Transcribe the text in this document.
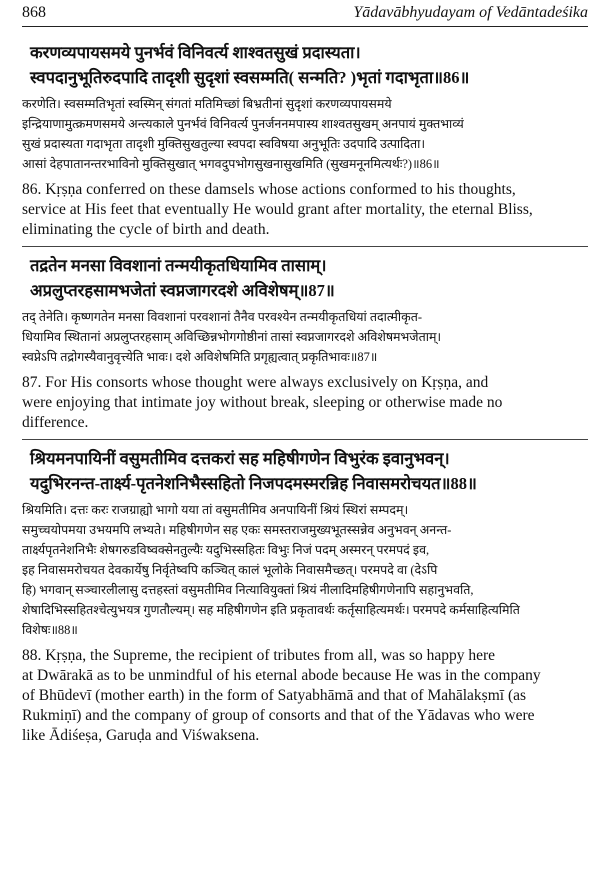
868	Yādavābhyudayam of Vedāntadeśika
करणव्यपायसमये पुनर्भवं विनिवर्त्य शाश्वतसुखं प्रदास्यता।
स्वपदानुभूतिरुदपादि तादृशी सुदृशां स्वसम्मति( सन्मति? )भृतां गदाभृता॥86॥
करणेति। स्वसम्मतिभृतां स्वस्मिन् संगतां मतिमिच्छां बिभ्रतीनां सुदृशां करणव्यपायसमये
इन्द्रियाणामुत्क्रमणसमये अन्त्यकाले पुनर्भवं विनिवर्त्य पुनर्जननमपास्य शाश्वतसुखम् अनपायं मुक्तभाव्यं
सुखं प्रदास्यता गदाभृता तादृशी मुक्तिसुखतुल्या स्वपदा स्वविषया अनुभूतिः उदपादि उत्पादिता।
आसां देहपातानन्तरभाविनो मुक्तिसुखात् भगवदुपभोगसुखनासुखमिति (सुखमनूनमित्यर्थः?)॥86॥
86. Kṛṣṇa conferred on these damsels whose actions conformed to his thoughts,
service at His feet that eventually He would grant after mortality, the eternal Bliss,
eliminating the cycle of birth and death.
तद्रतेन मनसा विवशानां तन्मयीकृतधियामिव तासाम्।
अप्रलुप्तरहसामभजेतां स्वप्नजागरदशे अविशेषम्॥87॥
तद् तेनेति। कृष्णगतेन मनसा विवशानां परवशानां तैनैव परवश्येन तन्मयीकृतधियां तदात्मीकृत-
धियामिव स्थितानां अप्रलुप्तरहसाम् अविच्छिन्नभोगगोष्ठीनां तासां स्वप्नजागरदशे अविशेषमभजेताम्।
स्वप्नेऽपि तद्रोगस्यैवानुवृत्त्येति भावः। दशे अविशेषमिति प्रगृह्यत्वात् प्रकृतिभावः॥87॥
87. For His consorts whose thought were always exclusively on Kṛṣṇa, and
were enjoying that intimate joy without break, sleeping or otherwise made no
difference.
श्रियमनपायिनीं वसुमतीमिव दत्तकरां सह महिषीगणेन विभुरंक इवानुभवन्।
यदुभिरनन्त-तार्क्ष्य-पृतनेशनिभैस्सहितो निजपदमस्मरन्निह निवासमरोचयत॥88॥
श्रियमिति। दत्तः करः राजग्राह्यो भागो यया तां वसुमतीमिव अनपायिनीं श्रियं स्थिरां सम्पदम्।
समुच्चयोपमया उभयमपि लभ्यते। महिषीगणेन सह एकः समस्तराजमुख्यभूतस्सन्नेव अनुभवन् अनन्त-
तार्क्ष्यपृतनेशनिभैः शेषगरुडविष्वक्सेनतुल्यैः यदुभिस्सहितः विभुः निजं पदम् अस्मरन् परमपदं इव,
इह निवासमरोचयत देवकार्येषु निर्वृतेष्वपि कञ्चित् कालं भूलोके निवासमैच्छत्। परमपदे वा (देऽपि
हि) भगवान् सञ्चारलीलासु दत्तहस्तां वसुमतीमिव नित्यावियुक्तां श्रियं नीलादिमहिषीगणेनापि सहानुभवति,
शेषादिभिस्सहितश्चेत्युभयत्र गुणतौल्यम्। सह महिषीगणेन इति प्रकृतावर्थः कर्तृसाहित्यमर्थः। परमपदे कर्मसाहित्यमिति
विशेषः॥88॥
88. Kṛṣṇa, the Supreme, the recipient of tributes from all, was so happy here
at Dwārakā as to be unmindful of his eternal abode because He was in the company
of Bhūdevī (mother earth) in the form of Satyabhāmā and that of Mahālakṣmī (as
Rukmiṇī) and the company of group of consorts and that of the Yādavas who were
like Ādiśeṣa, Garuḍa and Viśwaksena.
